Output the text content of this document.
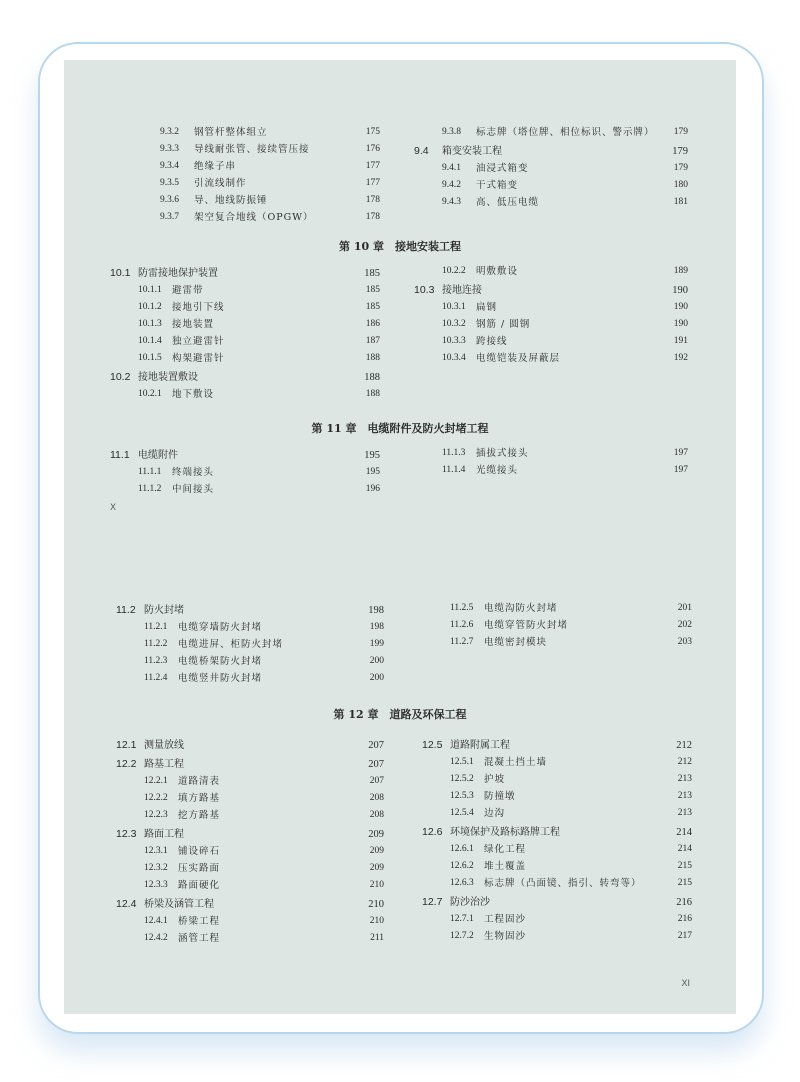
9.3.2 钢管杆整体组立	175
9.3.3 导线耐张管、接续管压接	176
9.3.4 绝缘子串	177
9.3.5 引流线制作	177
9.3.6 导、地线防振锤	178
9.3.7 架空复合地线（OPGW）	178
9.3.8 标志牌（塔位牌、相位标识、警示牌） 179
9.4 箱变安装工程	179
9.4.1 油浸式箱变	179
9.4.2 干式箱变	180
9.4.3 高、低压电缆	181
第 10 章　接地安装工程
10.1 防雷接地保护装置	185
10.1.1 避雷带	185
10.1.2 接地引下线	185
10.1.3 接地装置	186
10.1.4 独立避雷针	187
10.1.5 构架避雷针	188
10.2 接地装置敷设	188
10.2.1 地下敷设	188
10.2.2 明敷敷设	189
10.3 接地连接	190
10.3.1 扁钢	190
10.3.2 钢筋 / 圆钢	190
10.3.3 跨接线	191
10.3.4 电缆铠装及屏蔽层	192
第 11 章　电缆附件及防火封堵工程
11.1 电缆附件	195
11.1.1 终端接头	195
11.1.2 中间接头	196
11.1.3 插拔式接头	197
11.1.4 光缆接头	197
X
11.2 防火封堵	198
11.2.1 电缆穿墙防火封堵	198
11.2.2 电缆进屏、柜防火封堵	199
11.2.3 电缆桥架防火封堵	200
11.2.4 电缆竖井防火封堵	200
11.2.5 电缆沟防火封堵	201
11.2.6 电缆穿管防火封堵	202
11.2.7 电缆密封模块	203
第 12 章　道路及环保工程
12.1 测量放线	207
12.2 路基工程	207
12.2.1 道路清表	207
12.2.2 填方路基	208
12.2.3 挖方路基	208
12.3 路面工程	209
12.3.1 铺设碎石	209
12.3.2 压实路面	209
12.3.3 路面硬化	210
12.4 桥梁及涵管工程	210
12.4.1 桥梁工程	210
12.4.2 涵管工程	211
12.5 道路附属工程	212
12.5.1 混凝土挡土墙	212
12.5.2 护坡	213
12.5.3 防撞墩	213
12.5.4 边沟	213
12.6 环境保护及路标路牌工程	214
12.6.1 绿化工程	214
12.6.2 堆土覆盖	215
12.6.3 标志牌（凸面镜、指引、转弯等）	215
12.7 防沙治沙	216
12.7.1 工程固沙	216
12.7.2 生物固沙	217
XI
